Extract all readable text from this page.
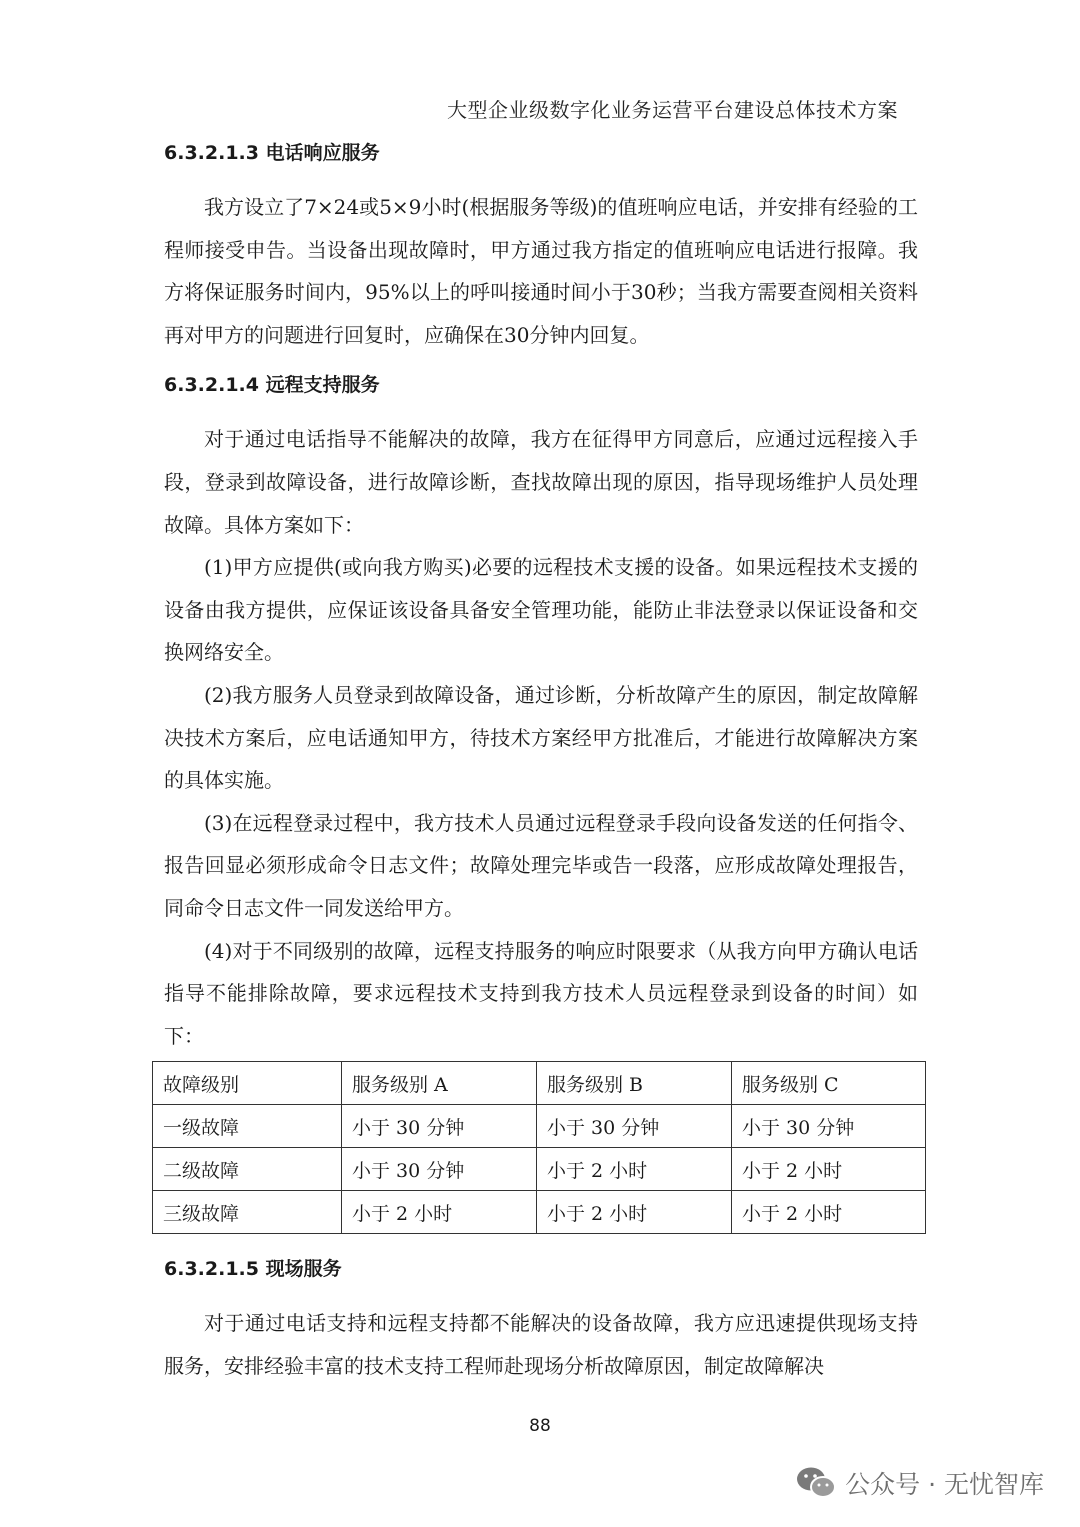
大型企业级数字化业务运营平台建设总体技术方案
6.3.2.1.3 电话响应服务

我方设立了7×24或5×9小时(根据服务等级)的值班响应电话，并安排有经验的工程师接受申告。当设备出现故障时，甲方通过我方指定的值班响应电话进行报障。我方将保证服务时间内，95%以上的呼叫接通时间小于30秒；当我方需要查阅相关资料再对甲方的问题进行回复时，应确保在30分钟内回复。

6.3.2.1.4 远程支持服务

对于通过电话指导不能解决的故障，我方在征得甲方同意后，应通过远程接入手段，登录到故障设备，进行故障诊断，查找故障出现的原因，指导现场维护人员处理故障。具体方案如下：

(1)甲方应提供(或向我方购买)必要的远程技术支援的设备。如果远程技术支援的设备由我方提供，应保证该设备具备安全管理功能，能防止非法登录以保证设备和交换网络安全。

(2)我方服务人员登录到故障设备，通过诊断，分析故障产生的原因，制定故障解决技术方案后，应电话通知甲方，待技术方案经甲方批准后，才能进行故障解决方案的具体实施。

(3)在远程登录过程中，我方技术人员通过远程登录手段向设备发送的任何指令、报告回显必须形成命令日志文件；故障处理完毕或告一段落，应形成故障处理报告，同命令日志文件一同发送给甲方。

(4)对于不同级别的故障，远程支持服务的响应时限要求（从我方向甲方确认电话指导不能排除故障，要求远程技术支持到我方技术人员远程登录到设备的时间）如下：

故障级别	服务级别 A	服务级别 B	服务级别 C
一级故障	小于 30 分钟	小于 30 分钟	小于 30 分钟
二级故障	小于 30 分钟	小于 2 小时	小于 2 小时
三级故障	小于 2 小时	小于 2 小时	小于 2 小时
6.3.2.1.5 现场服务

对于通过电话支持和远程支持都不能解决的设备故障，我方应迅速提供现场支持服务，安排经验丰富的技术支持工程师赴现场分析故障原因，制定故障解决

88
公众号 · 无忧智库
